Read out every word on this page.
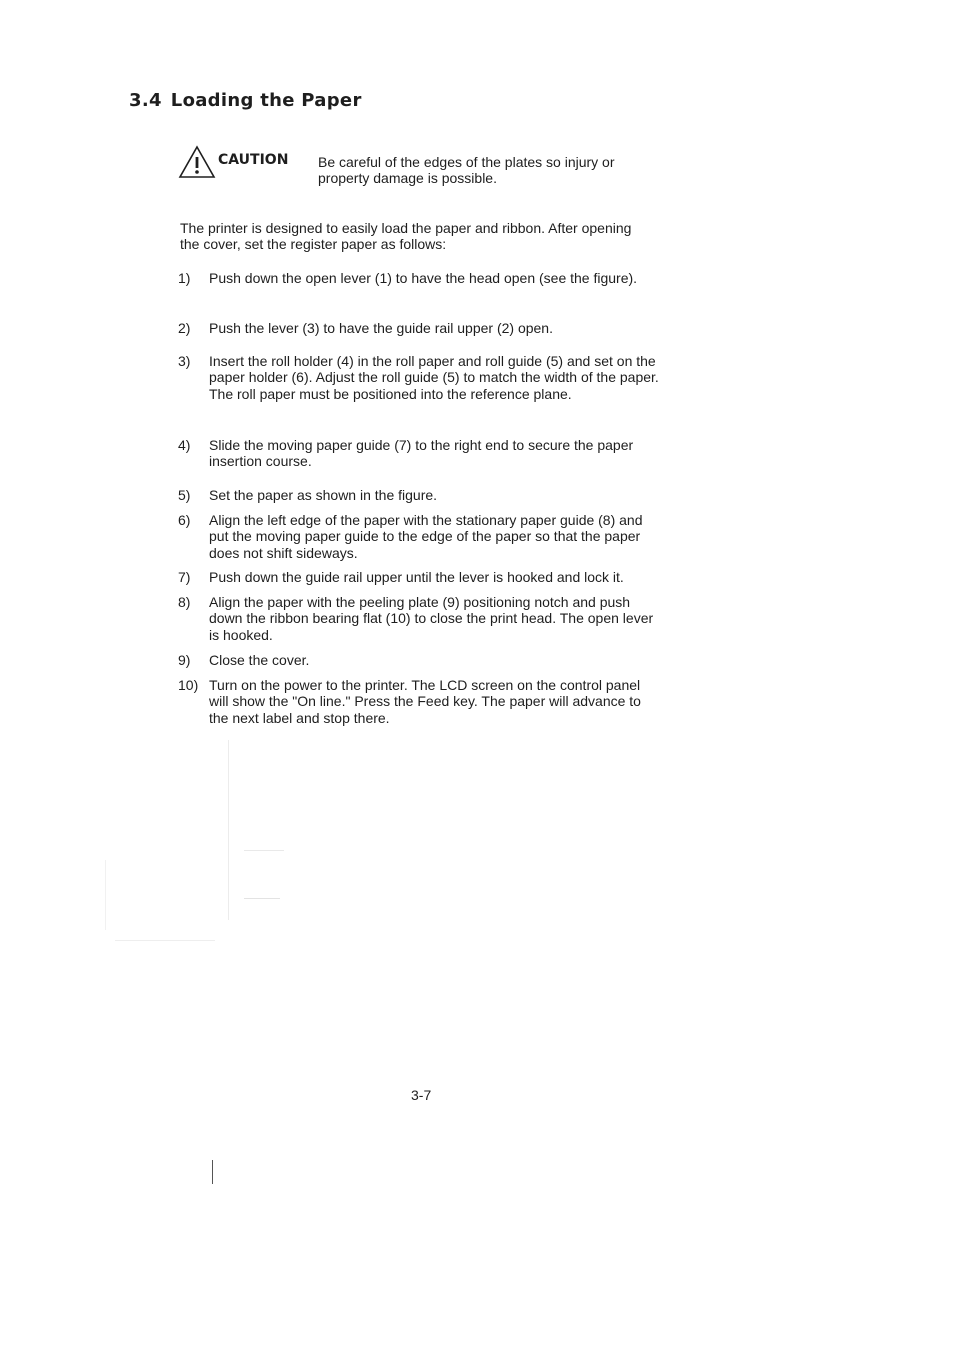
3.4 Loading the Paper
CAUTION Be careful of the edges of the plates so injury or property damage is possible.

The printer is designed to easily load the paper and ribbon. After opening the cover, set the register paper as follows:

1)	Push down the open lever (1) to have the head open (see the figure).
2)	Push the lever (3) to have the guide rail upper (2) open.
3)	Insert the roll holder (4) in the roll paper and roll guide (5) and set on the paper holder (6). Adjust the roll guide (5) to match the width of the paper. The roll paper must be positioned into the reference plane.
4)	Slide the moving paper guide (7) to the right end to secure the paper insertion course.
5)	Set the paper as shown in the figure.
6)	Align the left edge of the paper with the stationary paper guide (8) and put the moving paper guide to the edge of the paper so that the paper does not shift sideways.
7)	Push down the guide rail upper until the lever is hooked and lock it.
8)	Align the paper with the peeling plate (9) positioning notch and push down the ribbon bearing flat (10) to close the print head. The open lever is hooked.
9)	Close the cover.
10) Turn on the power to the printer. The LCD screen on the control panel will show the "On line." Press the Feed key. The paper will advance to the next label and stop there.
3-7
